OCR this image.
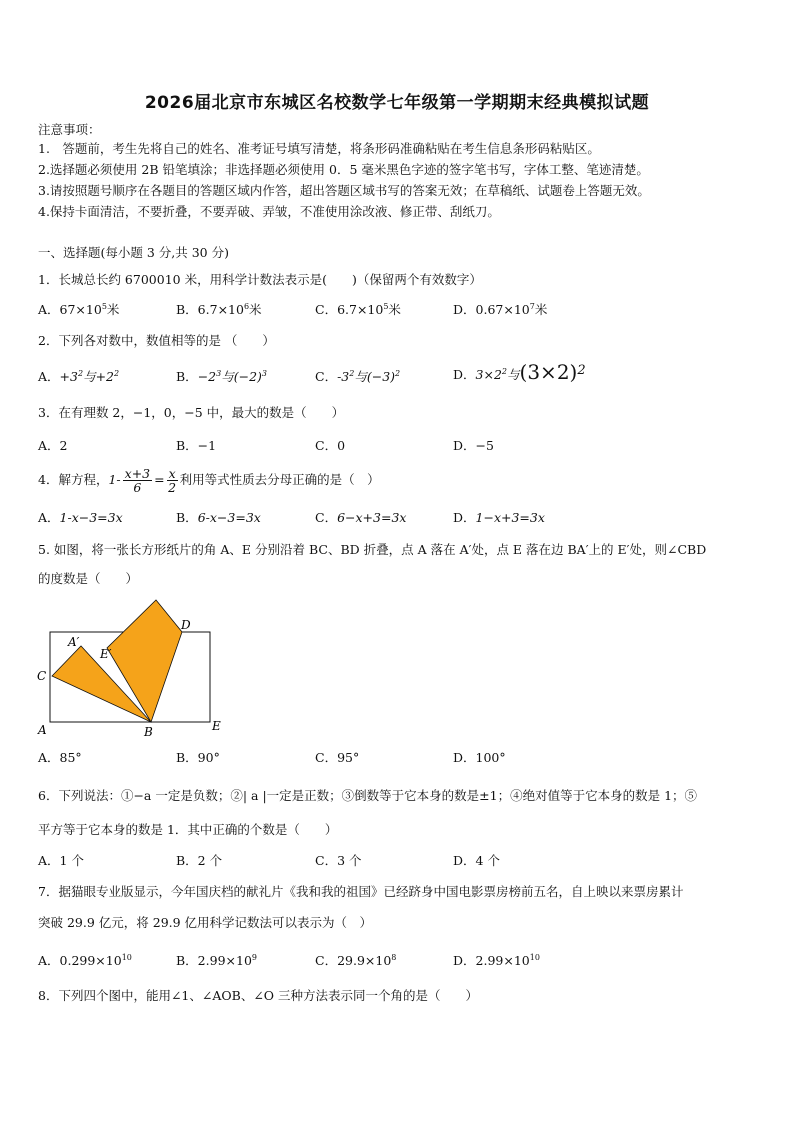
2026届北京市东城区名校数学七年级第一学期期末经典模拟试题
注意事项：
1.　答题前，考生先将自己的姓名、准考证号填写清楚，将条形码准确粘贴在考生信息条形码粘贴区。
2.选择题必须使用 2B 铅笔填涂；非选择题必须使用 0．5 毫米黑色字迹的签字笔书写，字体工整、笔迹清楚。
3.请按照题号顺序在各题目的答题区域内作答，超出答题区域书写的答案无效；在草稿纸、试题卷上答题无效。
4.保持卡面清洁，不要折叠，不要弄破、弄皱，不准使用涂改液、修正带、刮纸刀。
一、选择题(每小题 3 分,共 30 分)
1．长城总长约 6700010 米，用科学计数法表示是(　　)（保留两个有效数字）
A．$67\times 10^5$米	B．$6.7\times 10^6$米	C．$6.7\times 10^5$米	D．$0.67\times 10^7$米
2．下列各对数中，数值相等的是 （　　）
A．$+3^2$与$+2^2$	B．$-2^3$与$(-2)^3$	C．$-3^2$与$(-3)^2$	D．$3\times 2^2$与$(3\times 2)^2$
3．在有理数 2，−1，0，−5 中，最大的数是（　　）
A．2	B．−1	C．0	D．−5
4．解方程，$1- \frac{x+3}{6} = \frac{x}{2}$ 利用等式性质去分母正确的是（　）
A．1-x−3=3x	B．6-x−3=3x	C．6−x+3=3x	D．1−x+3=3x
5. 如图，将一张长方形纸片的角 A、E 分别沿着 BC、BD 折叠，点 A 落在 A′处，点 E 落在边 BA′上的 E′处，则∠CBD
的度数是（　　）
A′
E′
D
C
A	B	E
A．85°	B．90°	C．95°	D．100°
6．下列说法：①−a 一定是负数；②| a |一定是正数；③倒数等于它本身的数是±1；④绝对值等于它本身的数是 1；⑤
平方等于它本身的数是 1．其中正确的个数是（　　）
A．1 个	B．2 个	C．3 个	D．4 个
7．据猫眼专业版显示，今年国庆档的献礼片《我和我的祖国》已经跻身中国电影票房榜前五名，自上映以来票房累计
突破 29.9 亿元，将 29.9 亿用科学记数法可以表示为（　）
A．$0.299\times 10^{10}$	B．$2.99\times 10^9$	C．$29.9\times 10^8$	D．$2.99\times 10^{10}$
8．下列四个图中，能用∠1、∠AOB、∠O 三种方法表示同一个角的是（　　）
